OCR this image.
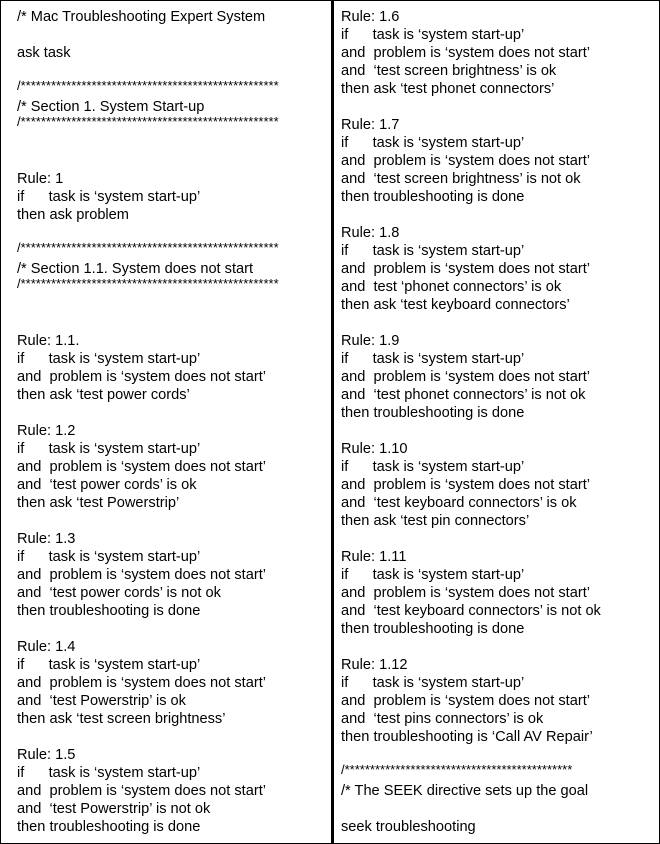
/* Mac Troubleshooting Expert System
ask task
/***************************************************
/* Section 1. System Start-up
/***************************************************
Rule: 1
if      task is ‘system start-up’
then ask problem
/***************************************************
/* Section 1.1. System does not start
/***************************************************
Rule: 1.1.
if      task is ‘system start-up’
and  problem is ‘system does not start’
then ask ‘test power cords’
Rule: 1.2
if      task is ‘system start-up’
and  problem is ‘system does not start’
and  ‘test power cords’ is ok
then ask ‘test Powerstrip’
Rule: 1.3
if      task is ‘system start-up’
and  problem is ‘system does not start’
and  ‘test power cords’ is not ok
then troubleshooting is done
Rule: 1.4
if      task is ‘system start-up’
and  problem is ‘system does not start’
and  ‘test Powerstrip’ is ok
then ask ‘test screen brightness’
Rule: 1.5
if      task is ‘system start-up’
and  problem is ‘system does not start’
and  ‘test Powerstrip’ is not ok
then troubleshooting is done
Rule: 1.6
if      task is ‘system start-up’
and  problem is ‘system does not start’
and  ‘test screen brightness’ is ok
then ask ‘test phonet connectors’
Rule: 1.7
if      task is ‘system start-up’
and  problem is ‘system does not start’
and  ‘test screen brightness’ is not ok
then troubleshooting is done
Rule: 1.8
if      task is ‘system start-up’
and  problem is ‘system does not start’
and  test ‘phonet connectors’ is ok
then ask ‘test keyboard connectors’
Rule: 1.9
if      task is ‘system start-up’
and  problem is ‘system does not start’
and  ‘test phonet connectors’ is not ok
then troubleshooting is done
Rule: 1.10
if      task is ‘system start-up’
and  problem is ‘system does not start’
and  ‘test keyboard connectors’ is ok
then ask ‘test pin connectors’
Rule: 1.11
if      task is ‘system start-up’
and  problem is ‘system does not start’
and  ‘test keyboard connectors’ is not ok
then troubleshooting is done
Rule: 1.12
if      task is ‘system start-up’
and  problem is ‘system does not start’
and  ‘test pins connectors’ is ok
then troubleshooting is ‘Call AV Repair’
/*********************************************
/* The SEEK directive sets up the goal
seek troubleshooting
